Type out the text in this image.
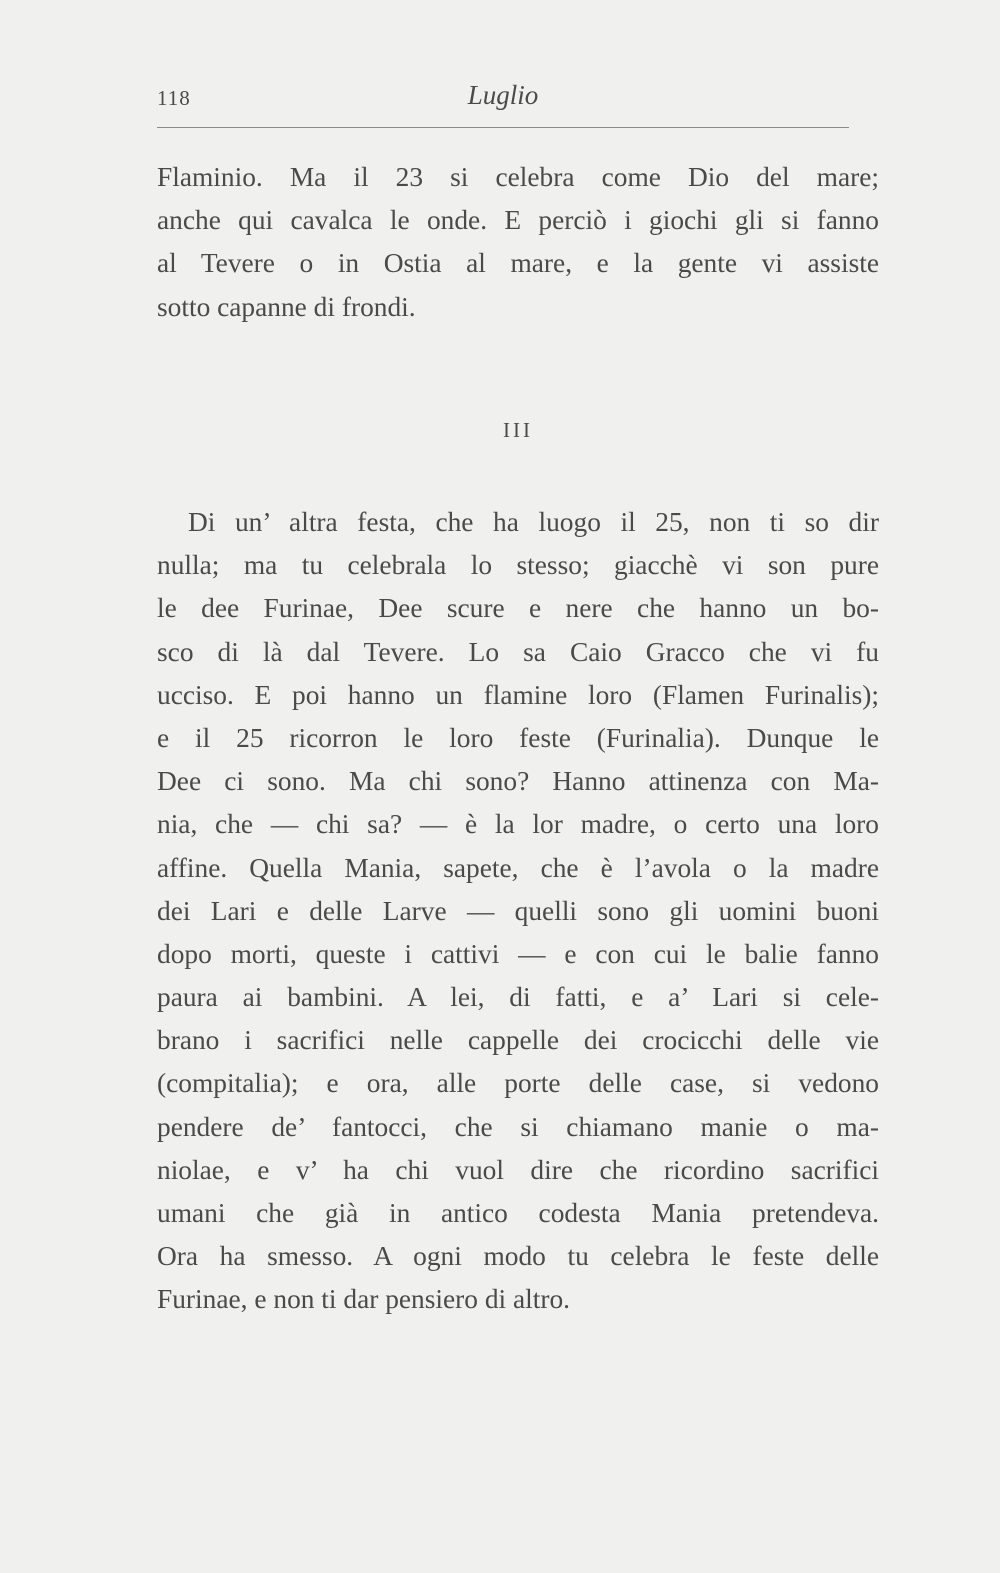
118	Luglio
Flaminio. Ma il 23 si celebra come Dio del mare;
anche qui cavalca le onde. E perciò i giochi gli si fanno
al Tevere o in Ostia al mare, e la gente vi assiste
sotto capanne di frondi.
III
Di un’ altra festa, che ha luogo il 25, non ti so dir
nulla; ma tu celebrala lo stesso; giacchè vi son pure
le dee Furinae, Dee scure e nere che hanno un bo-
sco di là dal Tevere. Lo sa Caio Gracco che vi fu
ucciso. E poi hanno un flamine loro (Flamen Furinalis);
e il 25 ricorron le loro feste (Furinalia). Dunque le
Dee ci sono. Ma chi sono? Hanno attinenza con Ma-
nia, che — chi sa? — è la lor madre, o certo una loro
affine. Quella Mania, sapete, che è l’avola o la madre
dei Lari e delle Larve — quelli sono gli uomini buoni
dopo morti, queste i cattivi — e con cui le balie fanno
paura ai bambini. A lei, di fatti, e a’ Lari si cele-
brano i sacrifici nelle cappelle dei crocicchi delle vie
(compitalia); e ora, alle porte delle case, si vedono
pendere de’ fantocci, che si chiamano manie o ma-
niolae, e v’ ha chi vuol dire che ricordino sacrifici
umani che già in antico codesta Mania pretendeva.
Ora ha smesso. A ogni modo tu celebra le feste delle
Furinae, e non ti dar pensiero di altro.
